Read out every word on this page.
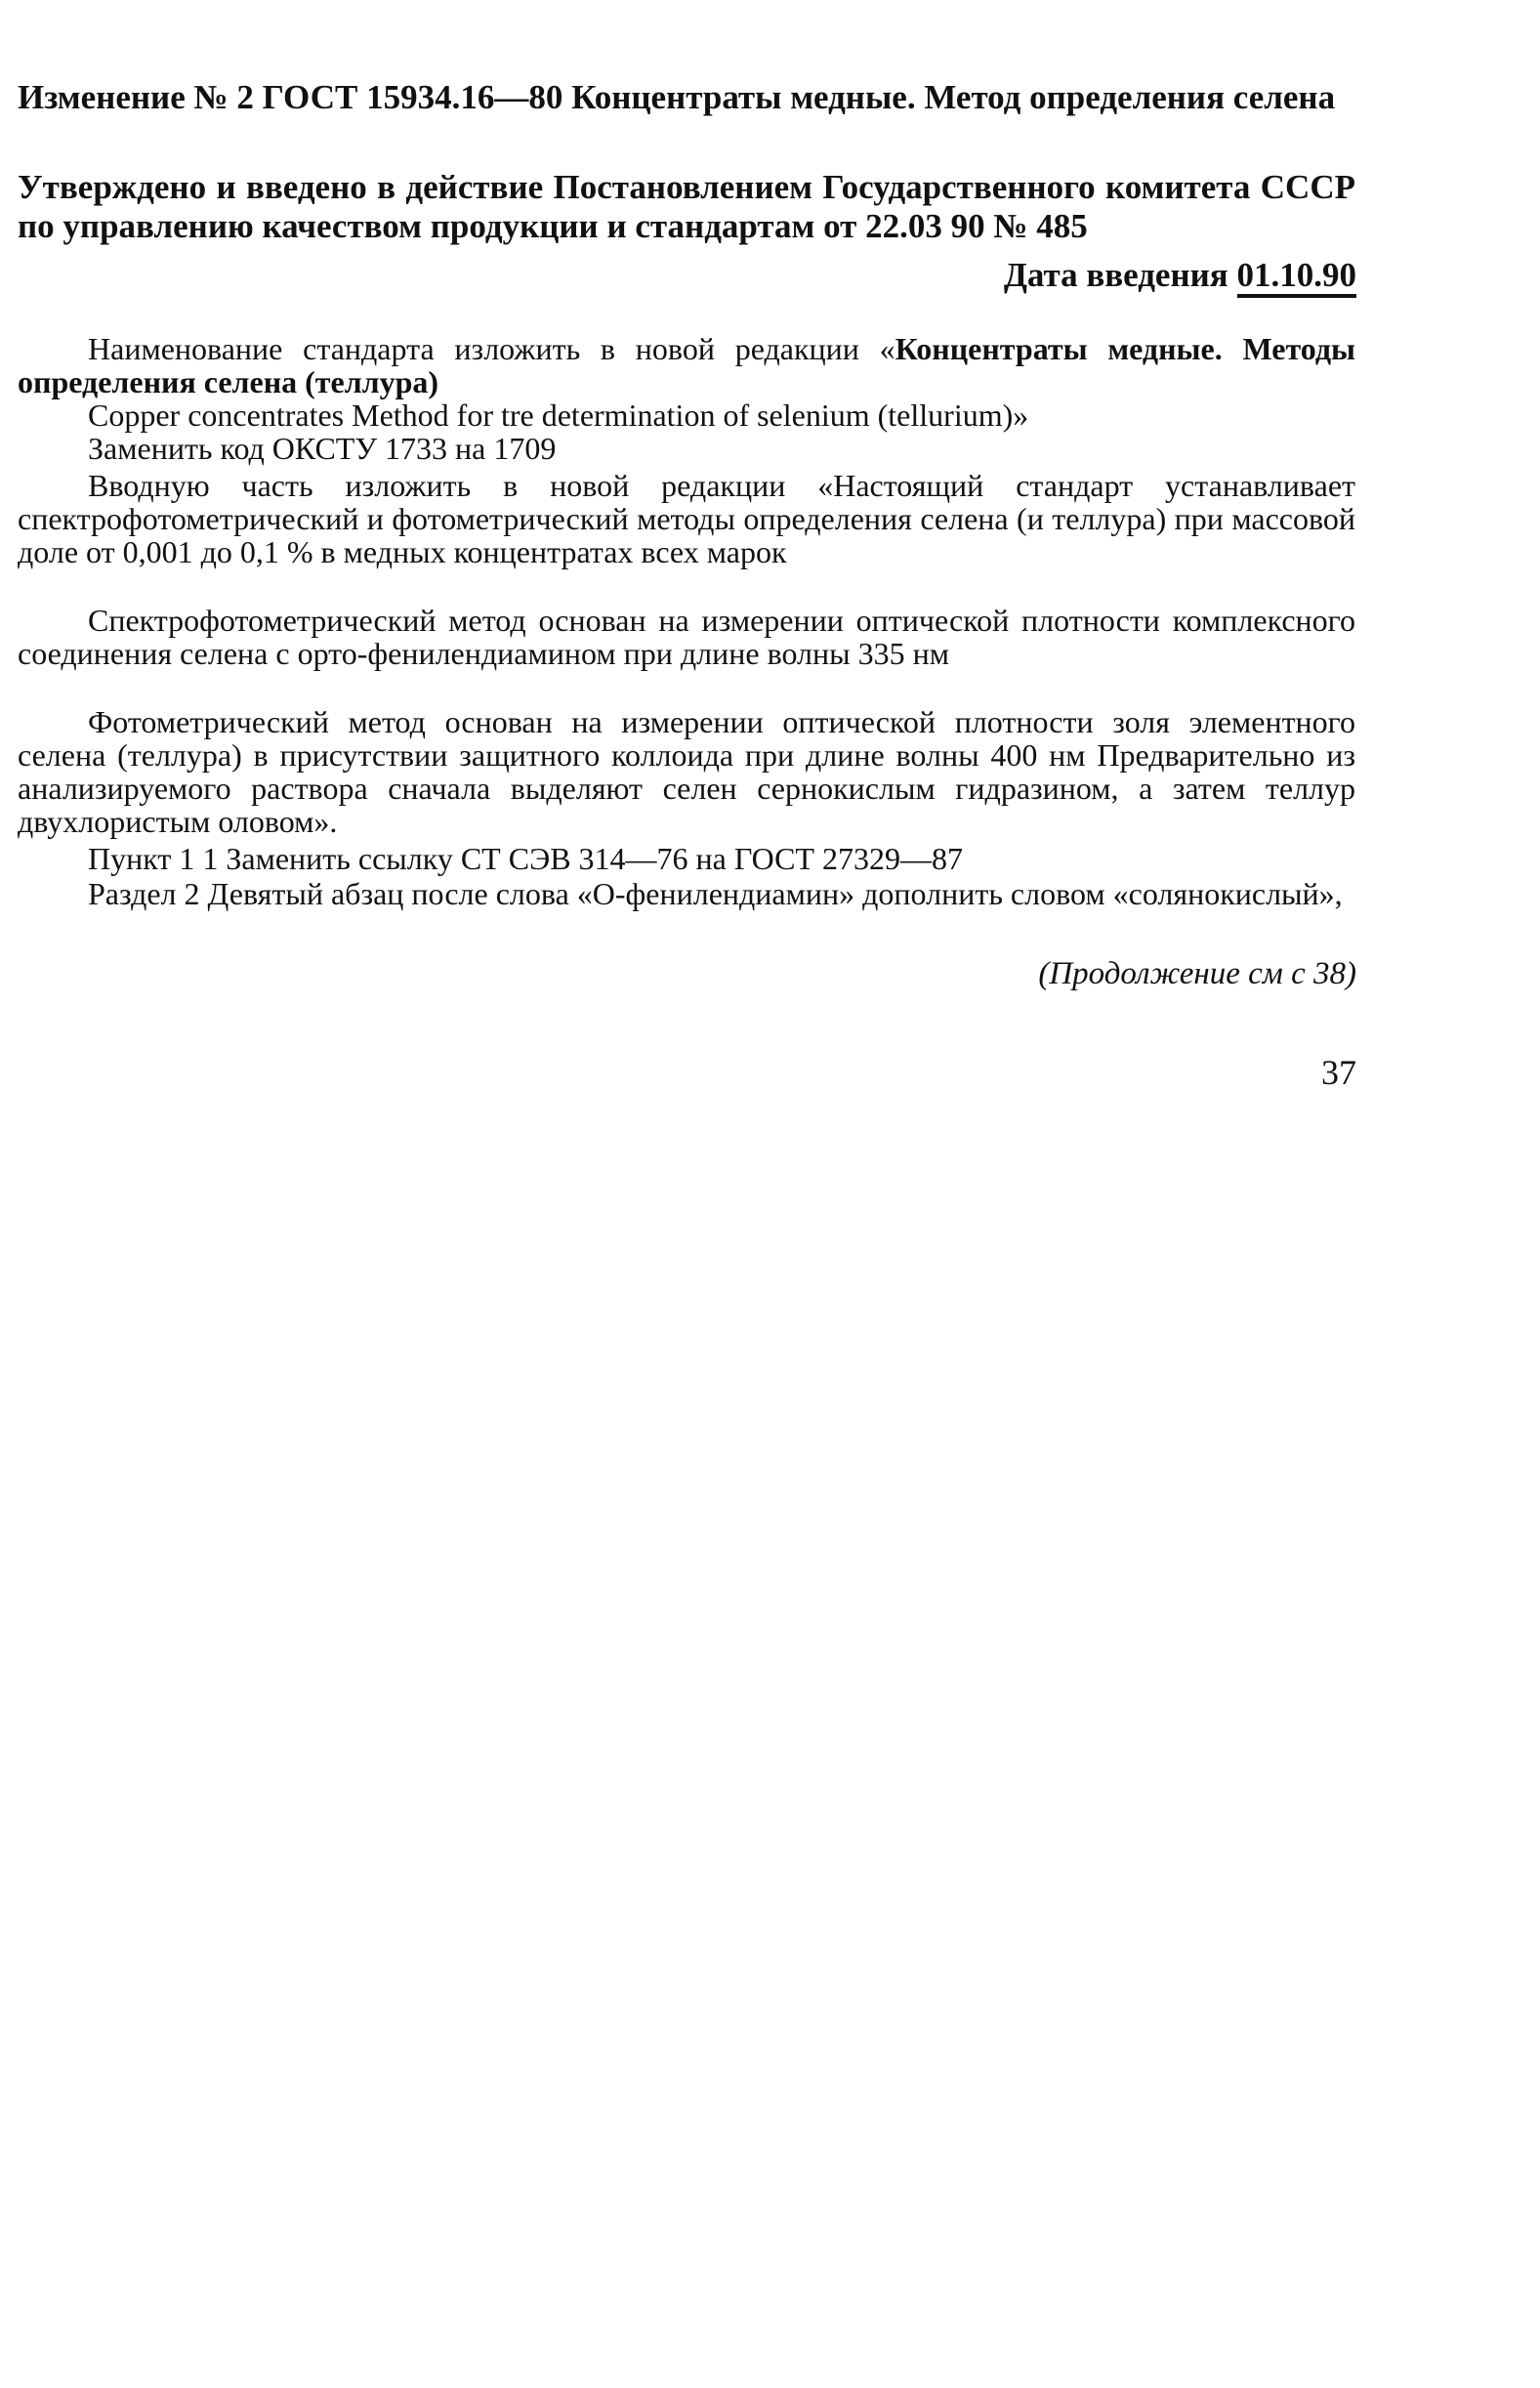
Изменение № 2 ГОСТ 15934.16—80 Концентраты медные. Метод определения селена
Утверждено и введено в действие Постановлением Государственного комитета СССР по управлению качеством продукции и стандартам от 22.03 90 № 485
Дата введения 01.10.90
Наименование стандарта изложить в новой редакции «Концентраты медные. Методы определения селена (теллура)
Copper concentrates Method for tre determination of selenium (tellurium)»
Заменить код ОКСТУ 1733 на 1709
Вводную часть изложить в новой редакции «Настоящий стандарт устанавливает спектрофотометрический и фотометрический методы определения селена (и теллура) при массовой доле от 0,001 до 0,1 % в медных концентратах всех марок
Спектрофотометрический метод основан на измерении оптической плотности комплексного соединения селена с орто-фенилендиамином при длине волны 335 нм
Фотометрический метод основан на измерении оптической плотности золя элементного селена (теллура) в присутствии защитного коллоида при длине волны 400 нм Предварительно из анализируемого раствора сначала выделяют селен сернокислым гидразином, а затем теллур двухлористым оловом».
Пункт 1 1 Заменить ссылку СТ СЭВ 314—76 на ГОСТ 27329—87
Раздел 2 Девятый абзац после слова «О-фенилендиамин» дополнить словом «солянокислый»,
(Продолжение см с 38)
37
